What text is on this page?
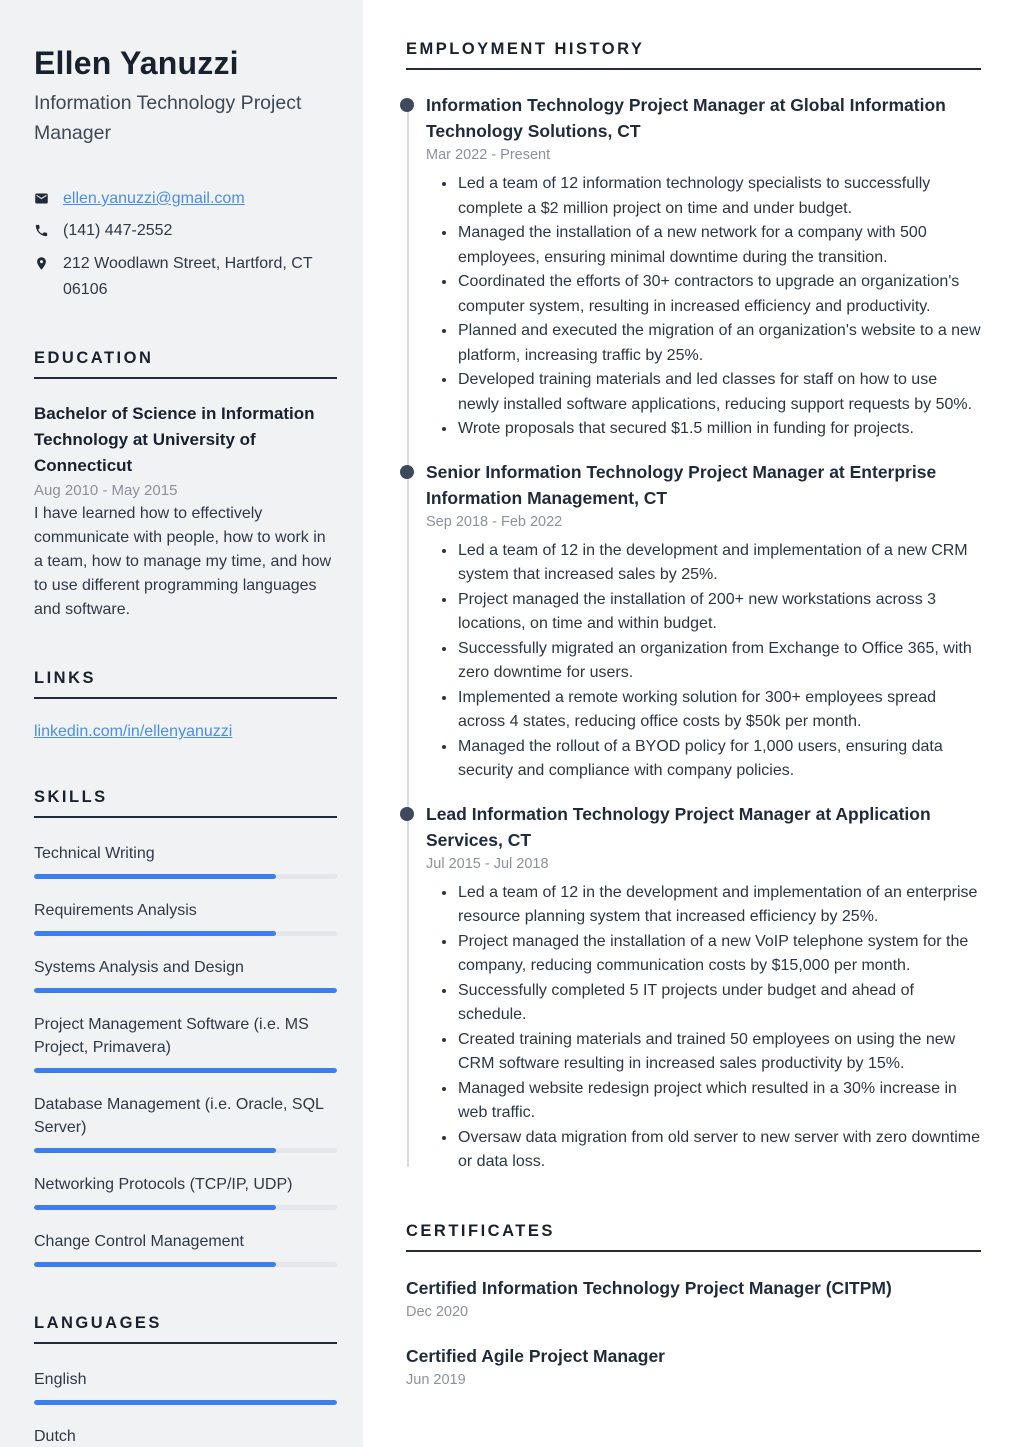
Ellen Yanuzzi
Information Technology Project Manager
ellen.yanuzzi@gmail.com
(141) 447-2552
212 Woodlawn Street, Hartford, CT 06106
EDUCATION
Bachelor of Science in Information Technology at University of Connecticut
Aug 2010 - May 2015

I have learned how to effectively communicate with people, how to work in a team, how to manage my time, and how to use different programming languages and software.

LINKS
linkedin.com/in/ellenyanuzzi
SKILLS
Technical Writing
Requirements Analysis
Systems Analysis and Design
Project Management Software (i.e. MS Project, Primavera)
Database Management (i.e. Oracle, SQL Server)
Networking Protocols (TCP/IP, UDP)
Change Control Management
LANGUAGES
English
Dutch
EMPLOYMENT HISTORY
Information Technology Project Manager at Global Information Technology Solutions, CT
Mar 2022 - Present
• Led a team of 12 information technology specialists to successfully complete a $2 million project on time and under budget.
• Managed the installation of a new network for a company with 500 employees, ensuring minimal downtime during the transition.
• Coordinated the efforts of 30+ contractors to upgrade an organization's computer system, resulting in increased efficiency and productivity.
• Planned and executed the migration of an organization's website to a new platform, increasing traffic by 25%.
• Developed training materials and led classes for staff on how to use newly installed software applications, reducing support requests by 50%.
• Wrote proposals that secured $1.5 million in funding for projects.
Senior Information Technology Project Manager at Enterprise Information Management, CT
Sep 2018 - Feb 2022
• Led a team of 12 in the development and implementation of a new CRM system that increased sales by 25%.
• Project managed the installation of 200+ new workstations across 3 locations, on time and within budget.
• Successfully migrated an organization from Exchange to Office 365, with zero downtime for users.
• Implemented a remote working solution for 300+ employees spread across 4 states, reducing office costs by $50k per month.
• Managed the rollout of a BYOD policy for 1,000 users, ensuring data security and compliance with company policies.
Lead Information Technology Project Manager at Application Services, CT
Jul 2015 - Jul 2018
• Led a team of 12 in the development and implementation of an enterprise resource planning system that increased efficiency by 25%.
• Project managed the installation of a new VoIP telephone system for the company, reducing communication costs by $15,000 per month.
• Successfully completed 5 IT projects under budget and ahead of schedule.
• Created training materials and trained 50 employees on using the new CRM software resulting in increased sales productivity by 15%.
• Managed website redesign project which resulted in a 30% increase in web traffic.
• Oversaw data migration from old server to new server with zero downtime or data loss.
CERTIFICATES
Certified Information Technology Project Manager (CITPM)
Dec 2020
Certified Agile Project Manager
Jun 2019
